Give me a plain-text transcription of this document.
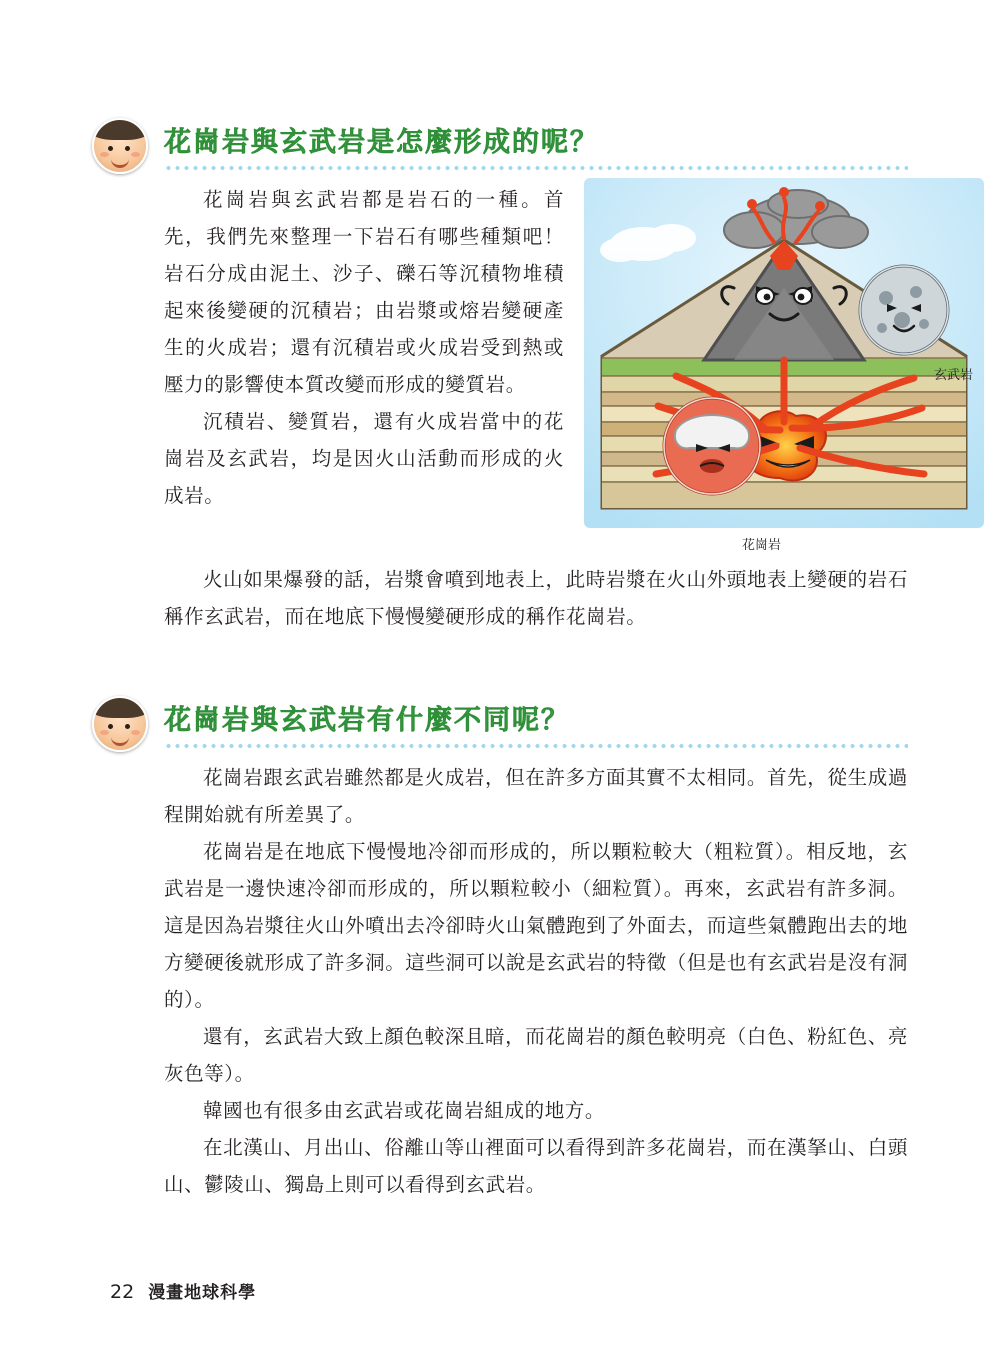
花崗岩與玄武岩是怎麼形成的呢？

花崗岩與玄武岩都是岩石的一種。首先，我們先來整理一下岩石有哪些種類吧！岩石分成由泥土、沙子、礫石等沉積物堆積起來後變硬的沉積岩；由岩漿或熔岩變硬產生的火成岩；還有沉積岩或火成岩受到熱或壓力的影響使本質改變而形成的變質岩。

沉積岩、變質岩，還有火成岩當中的花崗岩及玄武岩，均是因火山活動而形成的火成岩。

火山如果爆發的話，岩漿會噴到地表上，此時岩漿在火山外頭地表上變硬的岩石稱作玄武岩，而在地底下慢慢變硬形成的稱作花崗岩。

玄武岩
花崗岩
花崗岩與玄武岩有什麼不同呢？

花崗岩跟玄武岩雖然都是火成岩，但在許多方面其實不太相同。首先，從生成過程開始就有所差異了。

花崗岩是在地底下慢慢地冷卻而形成的，所以顆粒較大（粗粒質）。相反地，玄武岩是一邊快速冷卻而形成的，所以顆粒較小（細粒質）。再來，玄武岩有許多洞。這是因為岩漿往火山外噴出去冷卻時火山氣體跑到了外面去，而這些氣體跑出去的地方變硬後就形成了許多洞。這些洞可以說是玄武岩的特徵（但是也有玄武岩是沒有洞的）。

還有，玄武岩大致上顏色較深且暗，而花崗岩的顏色較明亮（白色、粉紅色、亮灰色等）。

韓國也有很多由玄武岩或花崗岩組成的地方。

在北漢山、月出山、俗離山等山裡面可以看得到許多花崗岩，而在漢拏山、白頭山、鬱陵山、獨島上則可以看得到玄武岩。

22 漫畫地球科學
